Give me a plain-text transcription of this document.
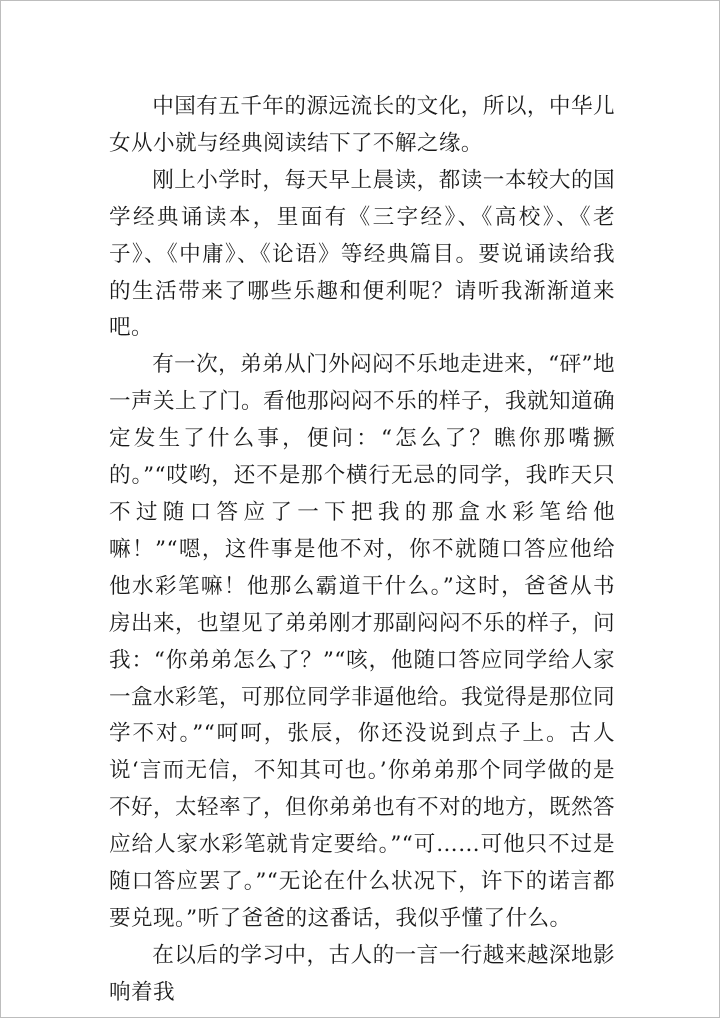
中国有五千年的源远流长的文化，所以，中华儿女从小就与经典阅读结下了不解之缘。

刚上小学时，每天早上晨读，都读一本较大的国学经典诵读本，里面有《三字经》、《高校》、《老子》、《中庸》、《论语》等经典篇目。要说诵读给我的生活带来了哪些乐趣和便利呢？请听我渐渐道来吧。

有一次，弟弟从门外闷闷不乐地走进来，“砰”地一声关上了门。看他那闷闷不乐的样子，我就知道确定发生了什么事，便问：“怎么了？瞧你那嘴撅的。”“哎哟，还不是那个横行无忌的同学，我昨天只不过随口答应了一下把我的那盒水彩笔给他嘛！”“嗯，这件事是他不对，你不就随口答应他给他水彩笔嘛！他那么霸道干什么。”这时，爸爸从书房出来，也望见了弟弟刚才那副闷闷不乐的样子，问我：“你弟弟怎么了？”“咳，他随口答应同学给人家一盒水彩笔，可那位同学非逼他给。我觉得是那位同学不对。”“呵呵，张辰，你还没说到点子上。古人说‘言而无信，不知其可也。’你弟弟那个同学做的是不好，太轻率了，但你弟弟也有不对的地方，既然答应给人家水彩笔就肯定要给。”“可……可他只不过是随口答应罢了。”“无论在什么状况下，许下的诺言都要兑现。”听了爸爸的这番话，我似乎懂了什么。

在以后的学习中，古人的一言一行越来越深地影响着我
